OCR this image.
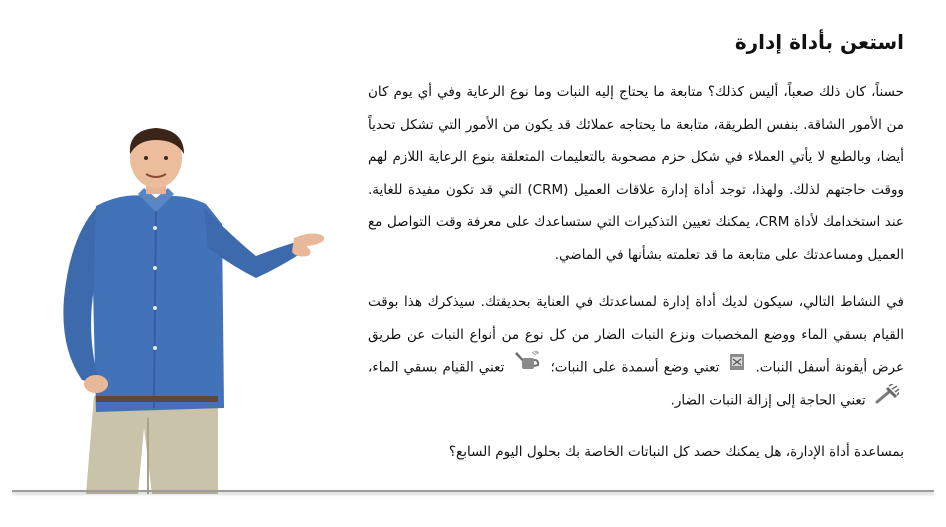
استعن بأداة إدارة

حسناً، كان ذلك صعباً، أليس كذلك؟ متابعة ما يحتاج إليه النبات وما نوع الرعاية وفي أي يوم كان من الأمور الشاقة. بنفس الطريقة، متابعة ما يحتاجه عملائك قد يكون من الأمور التي تشكل تحدياً أيضا، وبالطبع لا يأتي العملاء في شكل حزم مصحوبة بالتعليمات المتعلقة بنوع الرعاية اللازم لهم ووقت حاجتهم لذلك. ولهذا، توجد أداة إدارة علاقات العميل (CRM) التي قد تكون مفيدة للغاية. عند استخدامك لأداة CRM، يمكنك تعيين التذكيرات التي ستساعدك على معرفة وقت التواصل مع العميل ومساعدتك على متابعة ما قد تعلمته بشأنها في الماضي.

في النشاط التالي، سيكون لديك أداة إدارة لمساعدتك في العناية بحديقتك. سيذكرك هذا بوقت القيام بسقي الماء ووضع المخصبات ونزع النبات الضار من كل نوع من أنواع النبات عن طريق عرض أيقونة أسفل النبات.  تعني وضع أسمدة على النبات؛  تعني القيام بسقي الماء،  تعني الحاجة إلى إزالة النبات الضار.

بمساعدة أداة الإدارة، هل يمكنك حصد كل النباتات الخاصة بك بحلول اليوم السابع؟
